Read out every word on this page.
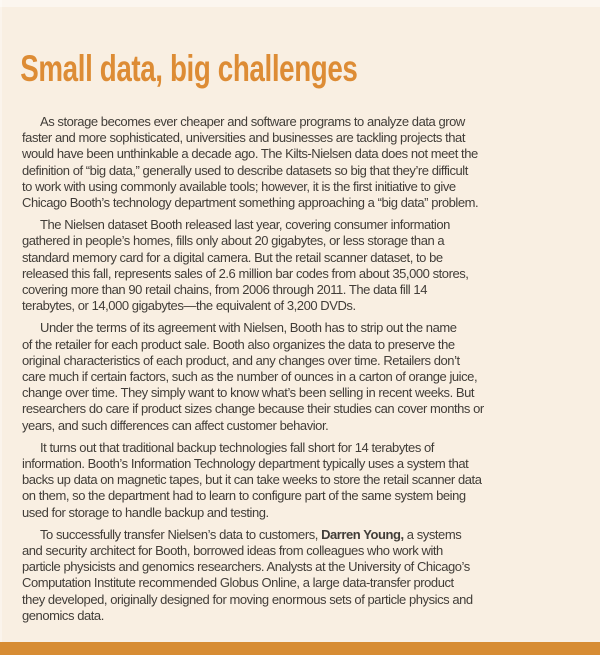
Small data, big challenges

As storage becomes ever cheaper and software programs to analyze data grow
faster and more sophisticated, universities and businesses are tackling projects that
would have been unthinkable a decade ago. The Kilts-Nielsen data does not meet the
definition of “big data,” generally used to describe datasets so big that they’re difficult
to work with using commonly available tools; however, it is the first initiative to give
Chicago Booth’s technology department something approaching a “big data” problem.

The Nielsen dataset Booth released last year, covering consumer information
gathered in people’s homes, fills only about 20 gigabytes, or less storage than a
standard memory card for a digital camera. But the retail scanner dataset, to be
released this fall, represents sales of 2.6 million bar codes from about 35,000 stores,
covering more than 90 retail chains, from 2006 through 2011. The data fill 14
terabytes, or 14,000 gigabytes—the equivalent of 3,200 DVDs.

Under the terms of its agreement with Nielsen, Booth has to strip out the name
of the retailer for each product sale. Booth also organizes the data to preserve the
original characteristics of each product, and any changes over time. Retailers don’t
care much if certain factors, such as the number of ounces in a carton of orange juice,
change over time. They simply want to know what’s been selling in recent weeks. But
researchers do care if product sizes change because their studies can cover months or
years, and such differences can affect customer behavior.

It turns out that traditional backup technologies fall short for 14 terabytes of
information. Booth’s Information Technology department typically uses a system that
backs up data on magnetic tapes, but it can take weeks to store the retail scanner data
on them, so the department had to learn to configure part of the same system being
used for storage to handle backup and testing.

To successfully transfer Nielsen’s data to customers, Darren Young, a systems
and security architect for Booth, borrowed ideas from colleagues who work with
particle physicists and genomics researchers. Analysts at the University of Chicago’s
Computation Institute recommended Globus Online, a large data-transfer product
they developed, originally designed for moving enormous sets of particle physics and
genomics data.
